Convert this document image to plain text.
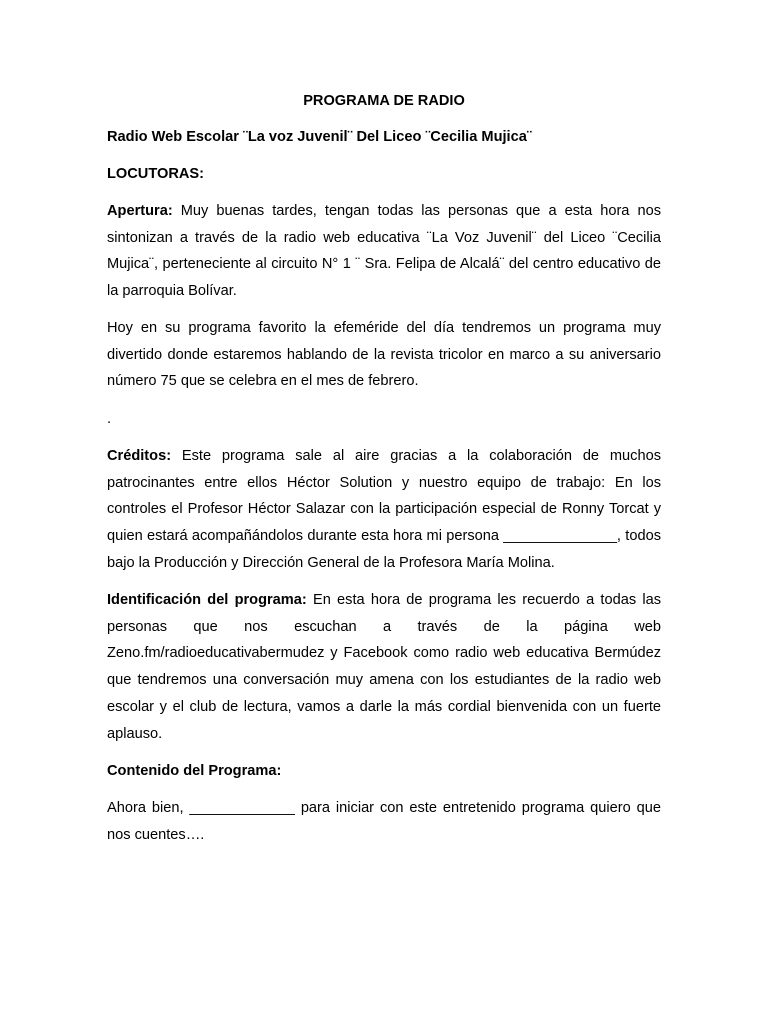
PROGRAMA DE RADIO

Radio Web Escolar ¨La voz Juvenil¨ Del Liceo ¨Cecilia Mujica¨

LOCUTORAS:

Apertura: Muy buenas tardes, tengan todas las personas que a esta hora nos sintonizan a través de la radio web educativa ¨La Voz Juvenil¨ del Liceo ¨Cecilia Mujica¨, perteneciente al circuito N° 1 ¨ Sra. Felipa de Alcalá¨ del centro educativo de la parroquia Bolívar.

Hoy en su programa favorito la efeméride del día tendremos un programa muy divertido donde estaremos hablando de la revista tricolor en marco a su aniversario número 75 que se celebra en el mes de febrero.

.

Créditos: Este programa sale al aire gracias a la colaboración de muchos patrocinantes entre ellos Héctor Solution y nuestro equipo de trabajo: En los controles el Profesor Héctor Salazar con la participación especial de Ronny Torcat y quien estará acompañándolos durante esta hora mi persona ______________, todos bajo la Producción y Dirección General de la Profesora María Molina.

Identificación del programa: En esta hora de programa les recuerdo a todas las personas que nos escuchan a través de la página web Zeno.fm/radioeducativabermudez y Facebook como radio web educativa Bermúdez que tendremos una conversación muy amena con los estudiantes de la radio web escolar y el club de lectura, vamos a darle la más cordial bienvenida con un fuerte aplauso.

Contenido del Programa:

Ahora bien, _____________ para iniciar con este entretenido programa quiero que nos cuentes….
